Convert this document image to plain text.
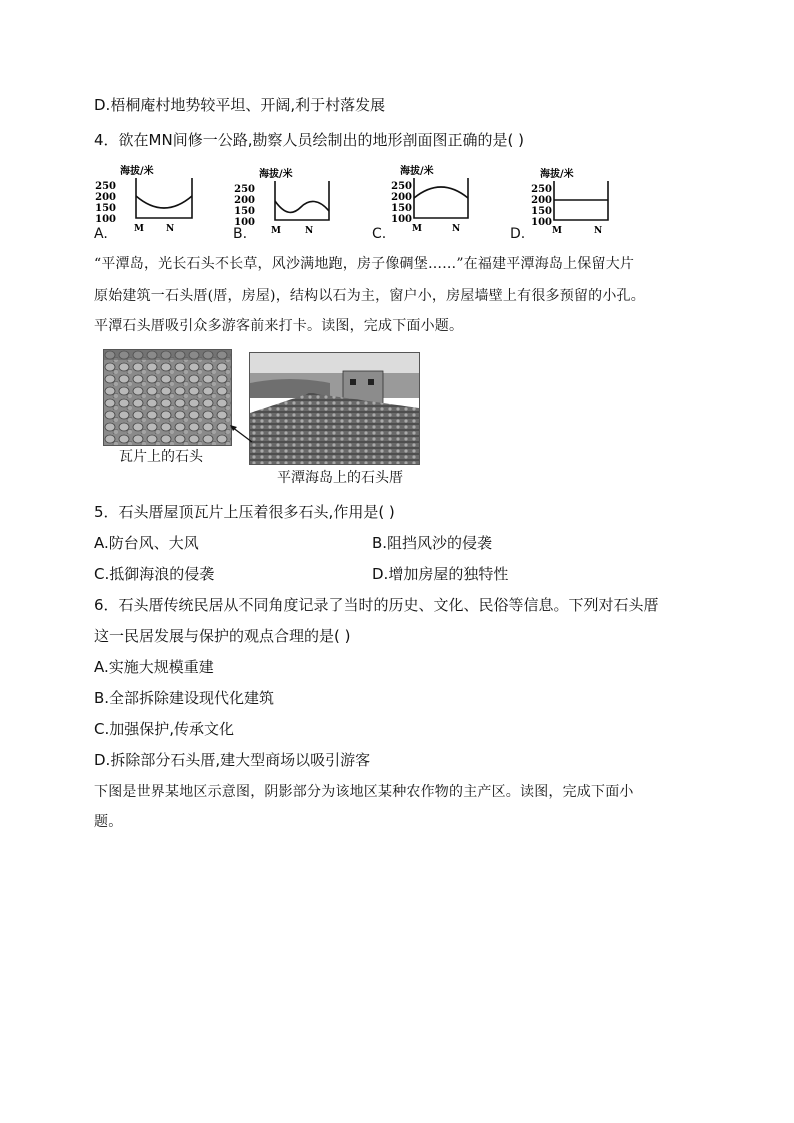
D.梧桐庵村地势较平坦、开阔,利于村落发展
4．欲在MN间修一公路,勘察人员绘制出的地形剖面图正确的是( )
A.
海拔/米
250
200
150
100
M N	B.
海拔/米
250
200
150
100
M	N	C.
海拔/米
250
200
150
100
M	N	D.
海拔/米
250
200
150
100
M	N
“平潭岛，光长石头不长草，风沙满地跑，房子像碉堡……”在福建平潭海岛上保留大片
原始建筑一石头厝(厝，房屋)，结构以石为主，窗户小，房屋墙壁上有很多预留的小孔。
平潭石头厝吸引众多游客前来打卡。读图，完成下面小题。
瓦片上的石头
平潭海岛上的石头厝
5．石头厝屋顶瓦片上压着很多石头,作用是( )
A.防台风、大风	B.阻挡风沙的侵袭
C.抵御海浪的侵袭	D.增加房屋的独特性
6．石头厝传统民居从不同角度记录了当时的历史、文化、民俗等信息。下列对石头厝
这一民居发展与保护的观点合理的是( )
A.实施大规模重建
B.全部拆除建设现代化建筑
C.加强保护,传承文化
D.拆除部分石头厝,建大型商场以吸引游客
下图是世界某地区示意图，阴影部分为该地区某种农作物的主产区。读图，完成下面小
题。
